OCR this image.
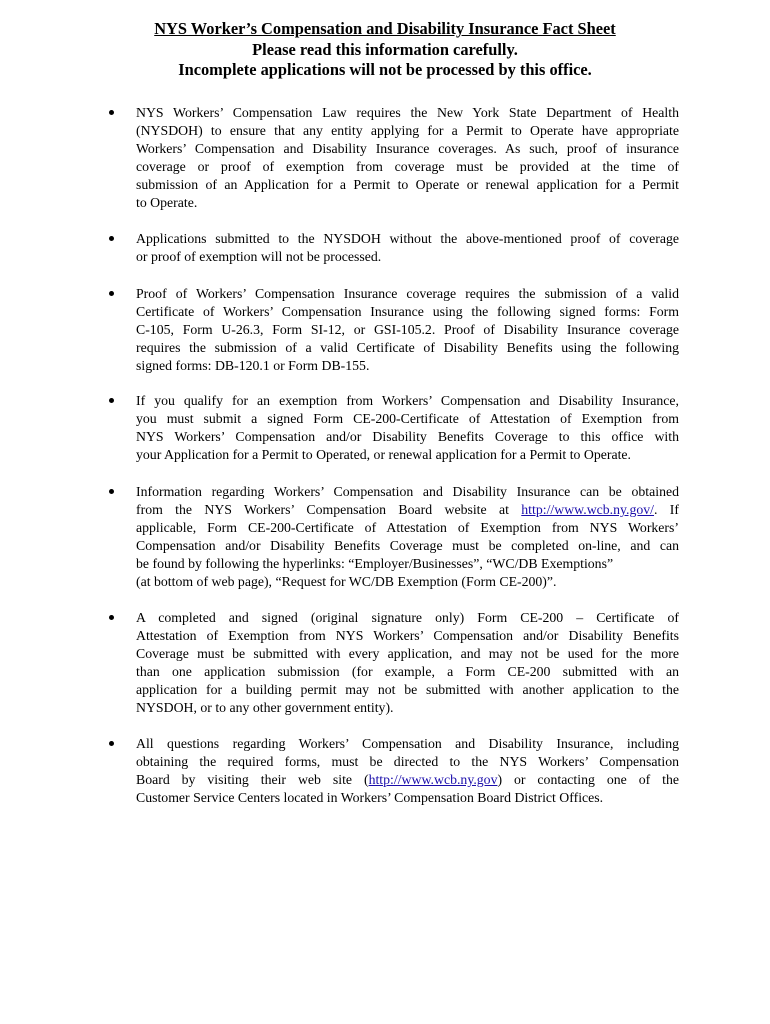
NYS Worker’s Compensation and Disability Insurance Fact Sheet
Please read this information carefully.
Incomplete applications will not be processed by this office.

NYS Workers’ Compensation Law requires the New York State Department of Health
(NYSDOH) to ensure that any entity applying for a Permit to Operate have appropriate
Workers’ Compensation and Disability Insurance coverages. As such, proof of insurance
coverage or proof of exemption from coverage must be provided at the time of
submission of an Application for a Permit to Operate or renewal application for a Permit
to Operate.

Applications submitted to the NYSDOH without the above-mentioned proof of coverage
or proof of exemption will not be processed.

Proof of Workers’ Compensation Insurance coverage requires the submission of a valid
Certificate of Workers’ Compensation Insurance using the following signed forms: Form
C-105, Form U-26.3, Form SI-12, or GSI-105.2. Proof of Disability Insurance coverage
requires the submission of a valid Certificate of Disability Benefits using the following
signed forms: DB-120.1 or Form DB-155.

If you qualify for an exemption from Workers’ Compensation and Disability Insurance,
you must submit a signed Form CE-200-Certificate of Attestation of Exemption from
NYS Workers’ Compensation and/or Disability Benefits Coverage to this office with
your Application for a Permit to Operated, or renewal application for a Permit to Operate.

Information regarding Workers’ Compensation and Disability Insurance can be obtained
from the NYS Workers’ Compensation Board website at http://www.wcb.ny.gov/. If
applicable, Form CE-200-Certificate of Attestation of Exemption from NYS Workers’
Compensation and/or Disability Benefits Coverage must be completed on-line, and can
be found by following the hyperlinks: “Employer/Businesses”, “WC/DB Exemptions”
(at bottom of web page), “Request for WC/DB Exemption (Form CE-200)”.

A completed and signed (original signature only) Form CE-200 – Certificate of
Attestation of Exemption from NYS Workers’ Compensation and/or Disability Benefits
Coverage must be submitted with every application, and may not be used for the more
than one application submission (for example, a Form CE-200 submitted with an
application for a building permit may not be submitted with another application to the
NYSDOH, or to any other government entity).

All questions regarding Workers’ Compensation and Disability Insurance, including
obtaining the required forms, must be directed to the NYS Workers’ Compensation
Board by visiting their web site (http://www.wcb.ny.gov) or contacting one of the
Customer Service Centers located in Workers’ Compensation Board District Offices.
